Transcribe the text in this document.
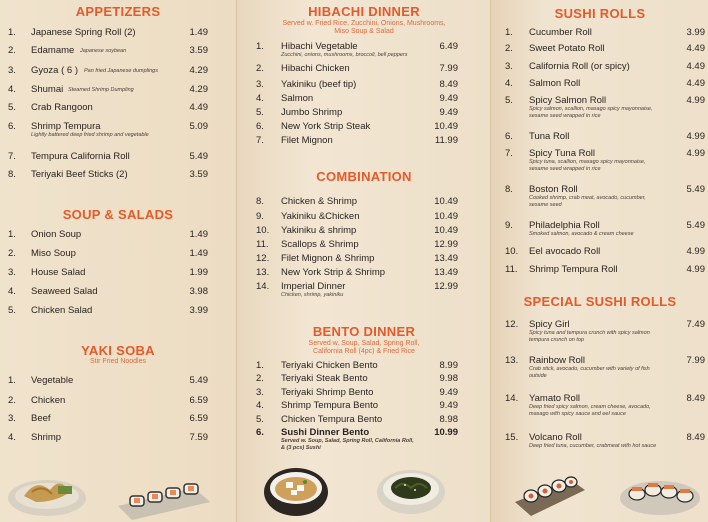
APPETIZERS
1. Japanese Spring Roll (2)	1.49
2. Edamame	3.59
Japanese soybean
3. Gyoza ( 6 )	4.29
Pan fried Japanese dumplings
4. Shumai	4.29
Steamed Shrimp Dumpling
5. Crab Rangoon	4.49
6. Shrimp Tempura	5.09
Lightly battered deep fried shrimp and vegetable
7. Tempura California Roll	5.49
8. Teriyaki Beef Sticks (2)	3.59
SOUP & SALADS
1. Onion Soup	1.49
2. Miso Soup	1.49
3. House Salad	1.99
4. Seaweed Salad	3.98
5. Chicken Salad	3.99
YAKI SOBA
Stir Fried Noodles
1. Vegetable	5.49
2. Chicken	6.59
3. Beef	6.59
4. Shrimp	7.59
HIBACHI DINNER
Served w. Fried Rice, Zucchini, Onions, Mushrooms,
Miso Soup & Salad
1. Hibachi Vegetable	6.49
Zucchini, onions, mushrooms, broccoli, bell peppers
2. Hibachi Chicken	7.99
3. Yakiniku (beef tip)	8.49
4. Salmon	9.49
5. Jumbo Shrimp	9.49
6. New York Strip Steak	10.49
7. Filet Mignon	11.99
COMBINATION
8. Chicken & Shrimp	10.49
9. Yakiniku &Chicken	10.49
10. Yakiniku & shrimp	10.49
11. Scallops & Shrimp	12.99
12. Filet Mignon & Shrimp	13.49
13. New York Strip & Shrimp	13.49
14. Imperial Dinner	12.99
Chicken, shrimp, yakiniku
BENTO DINNER
Served w. Soup, Salad, Spring Roll,
California Roll (4pc) & Fried Rice
1. Teriyaki Chicken Bento	8.99
2. Teriyaki Steak Bento	9.98
3. Teriyaki Shrimp Bento	9.49
4. Shrimp Tempura Bento	9.49
5. Chicken Tempura Bento	8.98
6. Sushi Dinner Bento	10.99
Served w. Soup, Salad, Spring Roll, California Roll,
& (3 pcs) Sushi
SUSHI ROLLS
1. Cucumber Roll	3.99
2. Sweet Potato Roll	4.49
3. California Roll (or spicy)	4.49
4. Salmon Roll	4.49
5. Spicy Salmon Roll	4.99
Spicy salmon, scallion, masago spicy mayonnaise,
sesame seed wrapped in rice
6. Tuna Roll	4.99
7. Spicy Tuna Roll	4.99
Spicy tuna, scallion, masago spicy mayonnaise,
sesame seed wrapped in rice
8. Boston Roll	5.49
Cooked shrimp, crab meat, avocado, cucumber,
sesame seed
9. Philadelphia Roll	5.49
Smoked salmon, avocado & cream cheese
10. Eel avocado Roll	4.99
11. Shrimp Tempura Roll	4.99
SPECIAL SUSHI ROLLS
12. Spicy Girl	7.49
Spicy tuna and tempura crunch with spicy salmon
tempura crunch on top
13. Rainbow Roll	7.99
Crab stick, avocado, cucumber with variety of fish
outside
14. Yamato Roll	8.49
Deep fried spicy salmon, cream cheese, avocado,
masago with spicy sauce and eel sauce
15. Volcano Roll	8.49
Deep fried tuna, cucumber, crabmeat with hot sauce
